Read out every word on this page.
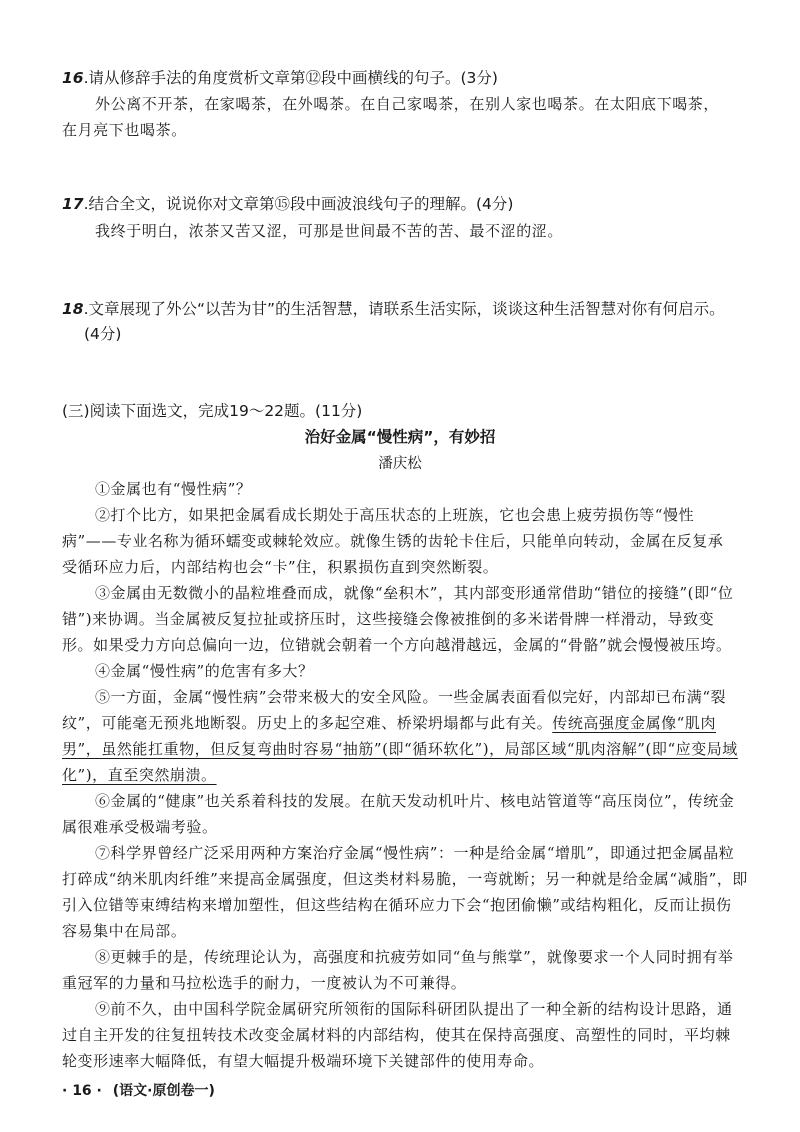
16.请从修辞手法的角度赏析文章第⑫段中画横线的句子。(3分)
外公离不开茶，在家喝茶，在外喝茶。在自己家喝茶，在别人家也喝茶。在太阳底下喝茶，
在月亮下也喝茶。
17.结合全文，说说你对文章第⑮段中画波浪线句子的理解。(4分)
我终于明白，浓茶又苦又涩，可那是世间最不苦的苦、最不涩的涩。
18.文章展现了外公“以苦为甘”的生活智慧，请联系生活实际，谈谈这种生活智慧对你有何启示。
(4分)
(三)阅读下面选文，完成19～22题。(11分)
治好金属“慢性病”，有妙招
潘庆松
①金属也有“慢性病”？
②打个比方，如果把金属看成长期处于高压状态的上班族，它也会患上疲劳损伤等“慢性
病”——专业名称为循环蠕变或棘轮效应。就像生锈的齿轮卡住后，只能单向转动，金属在反复承
受循环应力后，内部结构也会“卡”住，积累损伤直到突然断裂。
③金属由无数微小的晶粒堆叠而成，就像“垒积木”，其内部变形通常借助“错位的接缝”(即“位
错”)来协调。当金属被反复拉扯或挤压时，这些接缝会像被推倒的多米诺骨牌一样滑动，导致变
形。如果受力方向总偏向一边，位错就会朝着一个方向越滑越远，金属的“骨骼”就会慢慢被压垮。
④金属“慢性病”的危害有多大？
⑤一方面，金属“慢性病”会带来极大的安全风险。一些金属表面看似完好，内部却已布满“裂
纹”，可能毫无预兆地断裂。历史上的多起空难、桥梁坍塌都与此有关。传统高强度金属像“肌肉
男”，虽然能扛重物，但反复弯曲时容易“抽筋”(即“循环软化”)，局部区域“肌肉溶解”(即“应变局域
化”)，直至突然崩溃。
⑥金属的“健康”也关系着科技的发展。在航天发动机叶片、核电站管道等“高压岗位”，传统金
属很难承受极端考验。
⑦科学界曾经广泛采用两种方案治疗金属“慢性病”：一种是给金属“增肌”，即通过把金属晶粒
打碎成“纳米肌肉纤维”来提高金属强度，但这类材料易脆，一弯就断；另一种就是给金属“减脂”，即
引入位错等束缚结构来增加塑性，但这些结构在循环应力下会“抱团偷懒”或结构粗化，反而让损伤
容易集中在局部。
⑧更棘手的是，传统理论认为，高强度和抗疲劳如同“鱼与熊掌”，就像要求一个人同时拥有举
重冠军的力量和马拉松选手的耐力，一度被认为不可兼得。
⑨前不久，由中国科学院金属研究所领衔的国际科研团队提出了一种全新的结构设计思路，通
过自主开发的往复扭转技术改变金属材料的内部结构，使其在保持高强度、高塑性的同时，平均棘
轮变形速率大幅降低，有望大幅提升极端环境下关键部件的使用寿命。
· 16 · (语文·原创卷一)
